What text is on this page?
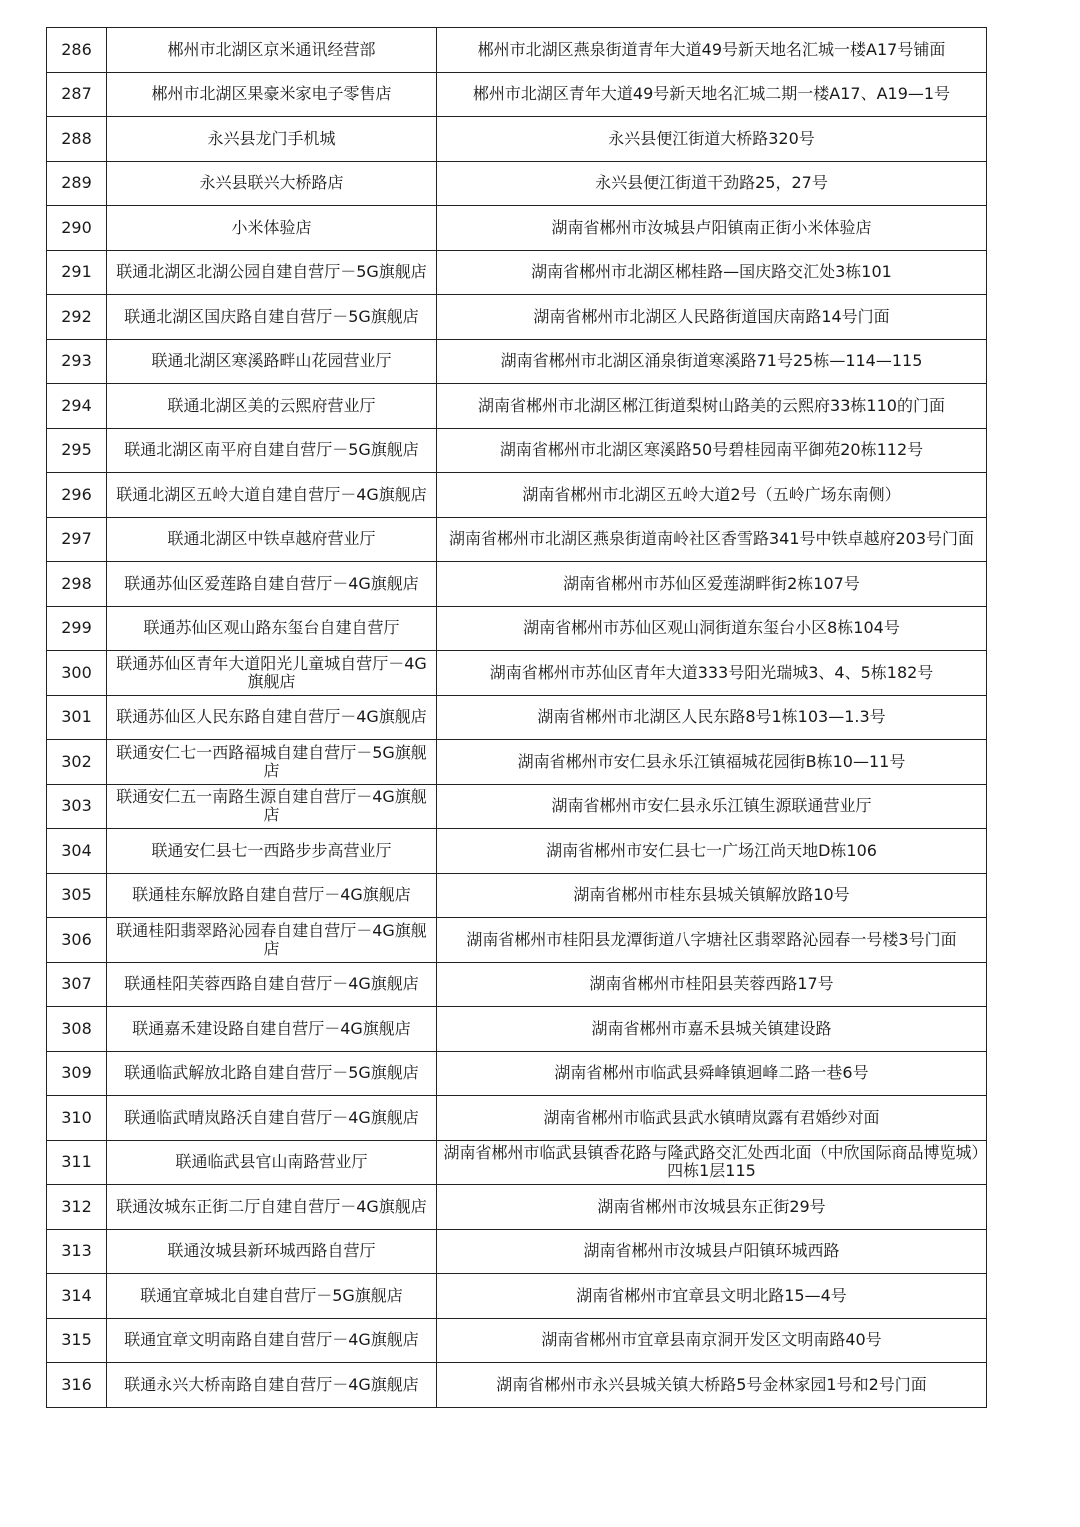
286	郴州市北湖区京米通讯经营部	郴州市北湖区燕泉街道青年大道49号新天地名汇城一楼A17号铺面
287	郴州市北湖区果豪米家电子零售店	郴州市北湖区青年大道49号新天地名汇城二期一楼A17、A19—1号
288	永兴县龙门手机城	永兴县便江街道大桥路320号
289	永兴县联兴大桥路店	永兴县便江街道干劲路25，27号
290	小米体验店	湖南省郴州市汝城县卢阳镇南正街小米体验店
291	联通北湖区北湖公园自建自营厅－5G旗舰店	湖南省郴州市北湖区郴桂路—国庆路交汇处3栋101
292	联通北湖区国庆路自建自营厅－5G旗舰店	湖南省郴州市北湖区人民路街道国庆南路14号门面
293	联通北湖区寒溪路畔山花园营业厅	湖南省郴州市北湖区涌泉街道寒溪路71号25栋—114—115
294	联通北湖区美的云熙府营业厅	湖南省郴州市北湖区郴江街道梨树山路美的云熙府33栋110的门面
295	联通北湖区南平府自建自营厅－5G旗舰店	湖南省郴州市北湖区寒溪路50号碧桂园南平御苑20栋112号
296	联通北湖区五岭大道自建自营厅－4G旗舰店	湖南省郴州市北湖区五岭大道2号（五岭广场东南侧）
297	联通北湖区中铁卓越府营业厅	湖南省郴州市北湖区燕泉街道南岭社区香雪路341号中铁卓越府203号门面
298	联通苏仙区爱莲路自建自营厅－4G旗舰店	湖南省郴州市苏仙区爱莲湖畔街2栋107号
299	联通苏仙区观山路东玺台自建自营厅	湖南省郴州市苏仙区观山洞街道东玺台小区8栋104号
300	联通苏仙区青年大道阳光儿童城自营厅－4G旗舰店	湖南省郴州市苏仙区青年大道333号阳光瑞城3、4、5栋182号
301	联通苏仙区人民东路自建自营厅－4G旗舰店	湖南省郴州市北湖区人民东路8号1栋103—1.3号
302	联通安仁七一西路福城自建自营厅－5G旗舰店	湖南省郴州市安仁县永乐江镇福城花园街B栋10—11号
303	联通安仁五一南路生源自建自营厅－4G旗舰店	湖南省郴州市安仁县永乐江镇生源联通营业厅
304	联通安仁县七一西路步步高营业厅	湖南省郴州市安仁县七一广场江尚天地D栋106
305	联通桂东解放路自建自营厅－4G旗舰店	湖南省郴州市桂东县城关镇解放路10号
306	联通桂阳翡翠路沁园春自建自营厅－4G旗舰店	湖南省郴州市桂阳县龙潭街道八字塘社区翡翠路沁园春一号楼3号门面
307	联通桂阳芙蓉西路自建自营厅－4G旗舰店	湖南省郴州市桂阳县芙蓉西路17号
308	联通嘉禾建设路自建自营厅－4G旗舰店	湖南省郴州市嘉禾县城关镇建设路
309	联通临武解放北路自建自营厅－5G旗舰店	湖南省郴州市临武县舜峰镇迴峰二路一巷6号
310	联通临武晴岚路沃自建自营厅－4G旗舰店	湖南省郴州市临武县武水镇晴岚露有君婚纱对面
311	联通临武县官山南路营业厅	湖南省郴州市临武县镇香花路与隆武路交汇处西北面（中欣国际商品博览城）四栋1层115
312	联通汝城东正街二厅自建自营厅－4G旗舰店	湖南省郴州市汝城县东正街29号
313	联通汝城县新环城西路自营厅	湖南省郴州市汝城县卢阳镇环城西路
314	联通宜章城北自建自营厅－5G旗舰店	湖南省郴州市宜章县文明北路15—4号
315	联通宜章文明南路自建自营厅－4G旗舰店	湖南省郴州市宜章县南京洞开发区文明南路40号
316	联通永兴大桥南路自建自营厅－4G旗舰店	湖南省郴州市永兴县城关镇大桥路5号金林家园1号和2号门面
